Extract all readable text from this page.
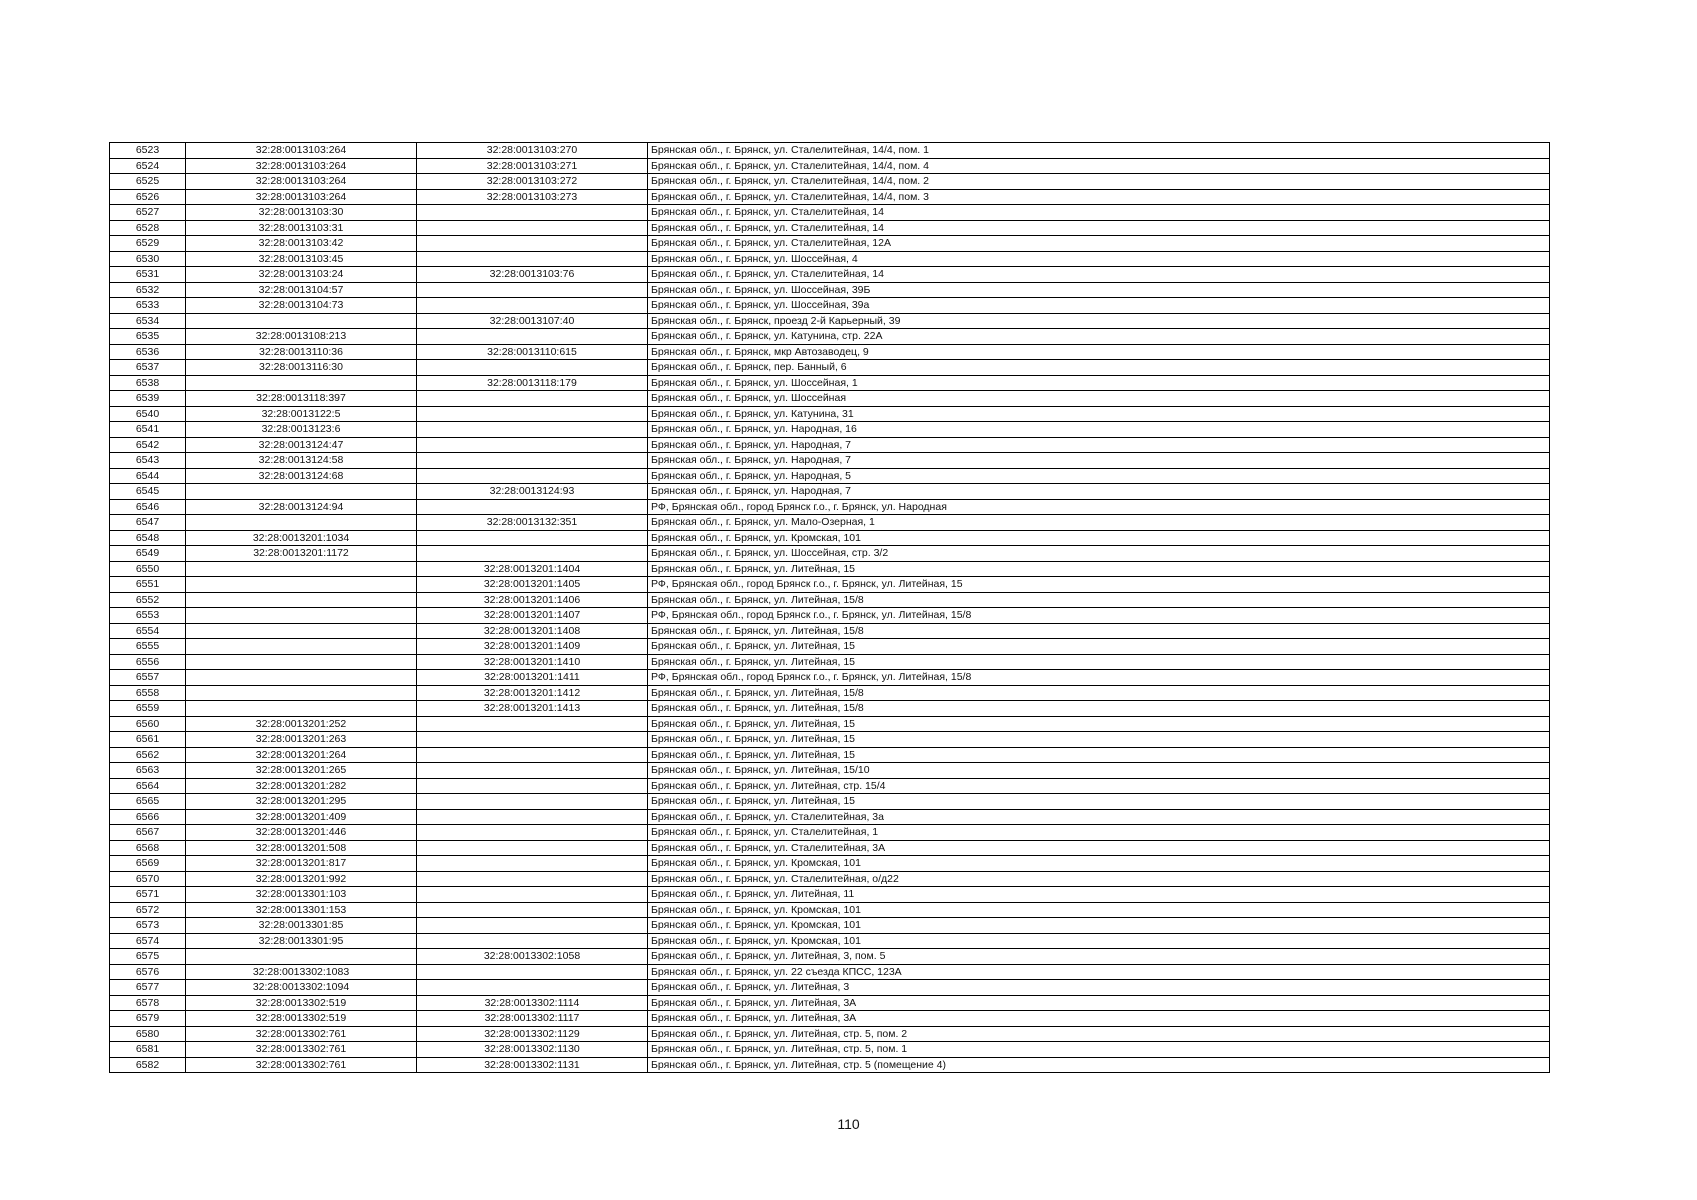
6523	32:28:0013103:264	32:28:0013103:270	Брянская обл., г. Брянск, ул. Сталелитейная, 14/4, пом. 1
6524	32:28:0013103:264	32:28:0013103:271	Брянская обл., г. Брянск, ул. Сталелитейная, 14/4, пом. 4
6525	32:28:0013103:264	32:28:0013103:272	Брянская обл., г. Брянск, ул. Сталелитейная, 14/4, пом. 2
6526	32:28:0013103:264	32:28:0013103:273	Брянская обл., г. Брянск, ул. Сталелитейная, 14/4, пом. 3
6527	32:28:0013103:30		Брянская обл., г. Брянск, ул. Сталелитейная, 14
6528	32:28:0013103:31		Брянская обл., г. Брянск, ул. Сталелитейная, 14
6529	32:28:0013103:42		Брянская обл., г. Брянск, ул. Сталелитейная, 12А
6530	32:28:0013103:45		Брянская обл., г. Брянск, ул. Шоссейная, 4
6531	32:28:0013103:24	32:28:0013103:76	Брянская обл., г. Брянск, ул. Сталелитейная, 14
6532	32:28:0013104:57		Брянская обл., г. Брянск, ул. Шоссейная, 39Б
6533	32:28:0013104:73		Брянская обл., г. Брянск, ул. Шоссейная, 39а
6534		32:28:0013107:40	Брянская обл., г. Брянск, проезд 2-й Карьерный, 39
6535	32:28:0013108:213		Брянская обл., г. Брянск, ул. Катунина, стр. 22А
6536	32:28:0013110:36	32:28:0013110:615	Брянская обл., г. Брянск, мкр Автозаводец, 9
6537	32:28:0013116:30		Брянская обл., г. Брянск, пер. Банный, 6
6538		32:28:0013118:179	Брянская обл., г. Брянск, ул. Шоссейная, 1
6539	32:28:0013118:397		Брянская обл., г. Брянск, ул. Шоссейная
6540	32:28:0013122:5		Брянская обл., г. Брянск, ул. Катунина, 31
6541	32:28:0013123:6		Брянская обл., г. Брянск, ул. Народная, 16
6542	32:28:0013124:47		Брянская обл., г. Брянск, ул. Народная, 7
6543	32:28:0013124:58		Брянская обл., г. Брянск, ул. Народная, 7
6544	32:28:0013124:68		Брянская обл., г. Брянск, ул. Народная, 5
6545		32:28:0013124:93	Брянская обл., г. Брянск, ул. Народная, 7
6546	32:28:0013124:94		РФ, Брянская обл., город Брянск г.о., г. Брянск, ул. Народная
6547		32:28:0013132:351	Брянская обл., г. Брянск, ул. Мало-Озерная, 1
6548	32:28:0013201:1034		Брянская обл., г. Брянск, ул. Кромская, 101
6549	32:28:0013201:1172		Брянская обл., г. Брянск, ул. Шоссейная, стр. 3/2
6550		32:28:0013201:1404	Брянская обл., г. Брянск, ул. Литейная, 15
6551		32:28:0013201:1405	РФ, Брянская обл., город Брянск г.о., г. Брянск, ул. Литейная, 15
6552		32:28:0013201:1406	Брянская обл., г. Брянск, ул. Литейная, 15/8
6553		32:28:0013201:1407	РФ, Брянская обл., город Брянск г.о., г. Брянск, ул. Литейная, 15/8
6554		32:28:0013201:1408	Брянская обл., г. Брянск, ул. Литейная, 15/8
6555		32:28:0013201:1409	Брянская обл., г. Брянск, ул. Литейная, 15
6556		32:28:0013201:1410	Брянская обл., г. Брянск, ул. Литейная, 15
6557		32:28:0013201:1411	РФ, Брянская обл., город Брянск г.о., г. Брянск, ул. Литейная, 15/8
6558		32:28:0013201:1412	Брянская обл., г. Брянск, ул. Литейная, 15/8
6559		32:28:0013201:1413	Брянская обл., г. Брянск, ул. Литейная, 15/8
6560	32:28:0013201:252		Брянская обл., г. Брянск, ул. Литейная, 15
6561	32:28:0013201:263		Брянская обл., г. Брянск, ул. Литейная, 15
6562	32:28:0013201:264		Брянская обл., г. Брянск, ул. Литейная, 15
6563	32:28:0013201:265		Брянская обл., г. Брянск, ул. Литейная, 15/10
6564	32:28:0013201:282		Брянская обл., г. Брянск, ул. Литейная, стр. 15/4
6565	32:28:0013201:295		Брянская обл., г. Брянск, ул. Литейная, 15
6566	32:28:0013201:409		Брянская обл., г. Брянск, ул. Сталелитейная, 3а
6567	32:28:0013201:446		Брянская обл., г. Брянск, ул. Сталелитейная, 1
6568	32:28:0013201:508		Брянская обл., г. Брянск, ул. Сталелитейная, 3А
6569	32:28:0013201:817		Брянская обл., г. Брянск, ул. Кромская, 101
6570	32:28:0013201:992		Брянская обл., г. Брянск, ул. Сталелитейная, о/д22
6571	32:28:0013301:103		Брянская обл., г. Брянск, ул. Литейная, 11
6572	32:28:0013301:153		Брянская обл., г. Брянск, ул. Кромская, 101
6573	32:28:0013301:85		Брянская обл., г. Брянск, ул. Кромская, 101
6574	32:28:0013301:95		Брянская обл., г. Брянск, ул. Кромская, 101
6575		32:28:0013302:1058	Брянская обл., г. Брянск, ул. Литейная, 3, пом. 5
6576	32:28:0013302:1083		Брянская обл., г. Брянск, ул. 22 съезда КПСС, 123А
6577	32:28:0013302:1094		Брянская обл., г. Брянск, ул. Литейная, 3
6578	32:28:0013302:519	32:28:0013302:1114	Брянская обл., г. Брянск, ул. Литейная, 3А
6579	32:28:0013302:519	32:28:0013302:1117	Брянская обл., г. Брянск, ул. Литейная, 3А
6580	32:28:0013302:761	32:28:0013302:1129	Брянская обл., г. Брянск, ул. Литейная, стр. 5, пом. 2
6581	32:28:0013302:761	32:28:0013302:1130	Брянская обл., г. Брянск, ул. Литейная, стр. 5, пом. 1
6582	32:28:0013302:761	32:28:0013302:1131	Брянская обл., г. Брянск, ул. Литейная, стр. 5 (помещение 4)
110
